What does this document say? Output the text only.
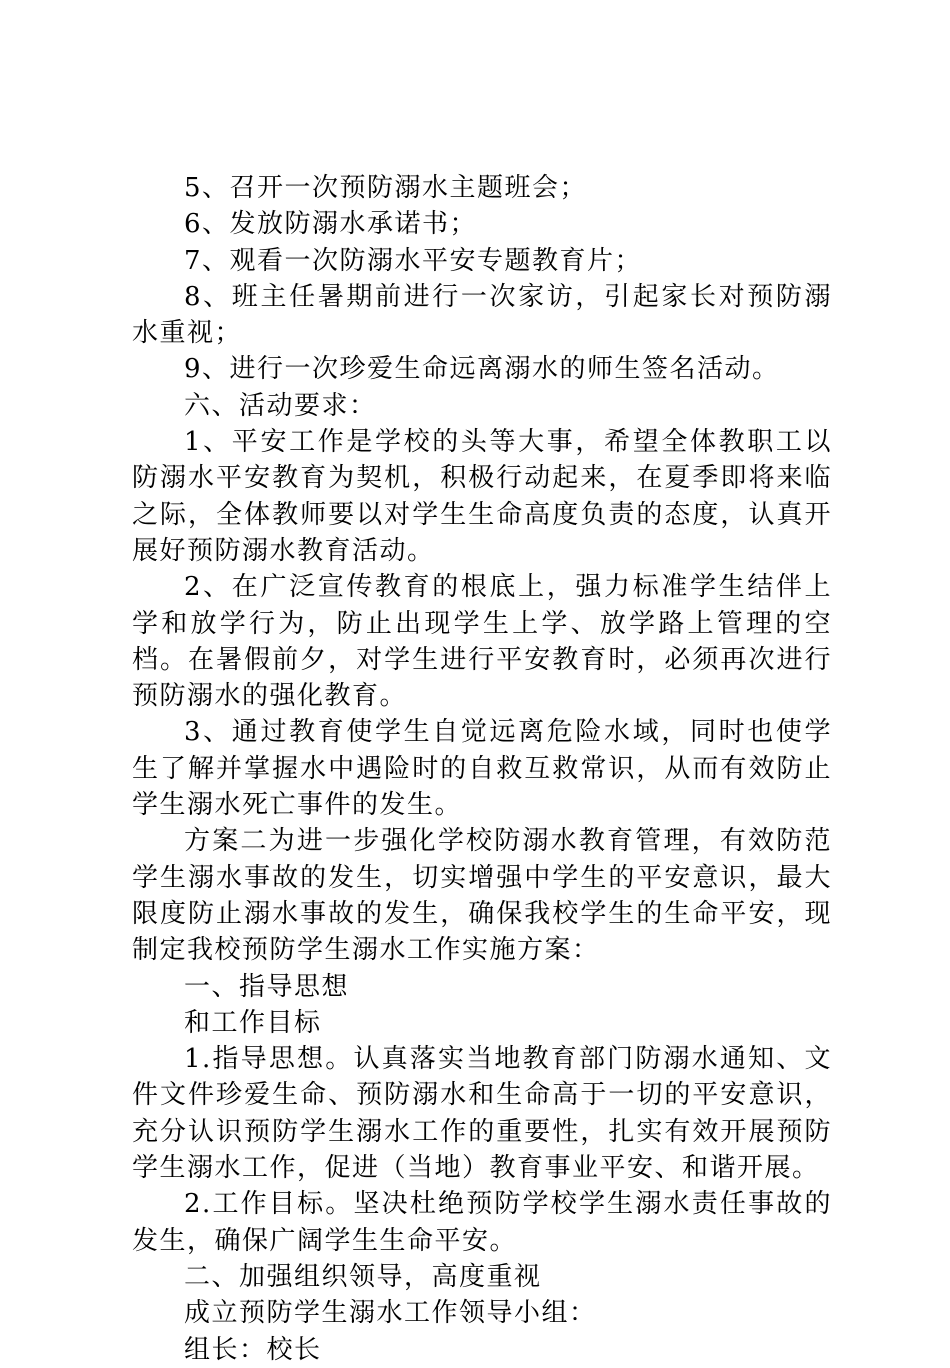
5、召开一次预防溺水主题班会；

6、发放防溺水承诺书；

7、观看一次防溺水平安专题教育片；

8、班主任暑期前进行一次家访，引起家长对预防溺水重视；

9、进行一次珍爱生命远离溺水的师生签名活动。

六、活动要求：

1、平安工作是学校的头等大事，希望全体教职工以防溺水平安教育为契机，积极行动起来，在夏季即将来临之际，全体教师要以对学生生命高度负责的态度，认真开展好预防溺水教育活动。

2、在广泛宣传教育的根底上，强力标准学生结伴上学和放学行为，防止出现学生上学、放学路上管理的空档。在暑假前夕，对学生进行平安教育时，必须再次进行预防溺水的强化教育。

3、通过教育使学生自觉远离危险水域，同时也使学生了解并掌握水中遇险时的自救互救常识，从而有效防止学生溺水死亡事件的发生。

方案二为进一步强化学校防溺水教育管理，有效防范学生溺水事故的发生，切实增强中学生的平安意识，最大限度防止溺水事故的发生，确保我校学生的生命平安，现制定我校预防学生溺水工作实施方案：

一、指导思想

和工作目标

1.指导思想。认真落实当地教育部门防溺水通知、文件文件珍爱生命、预防溺水和生命高于一切的平安意识，充分认识预防学生溺水工作的重要性，扎实有效开展预防学生溺水工作，促进（当地）教育事业平安、和谐开展。

2.工作目标。坚决杜绝预防学校学生溺水责任事故的发生，确保广阔学生生命平安。

二、加强组织领导，高度重视

成立预防学生溺水工作领导小组：

组长：校长
